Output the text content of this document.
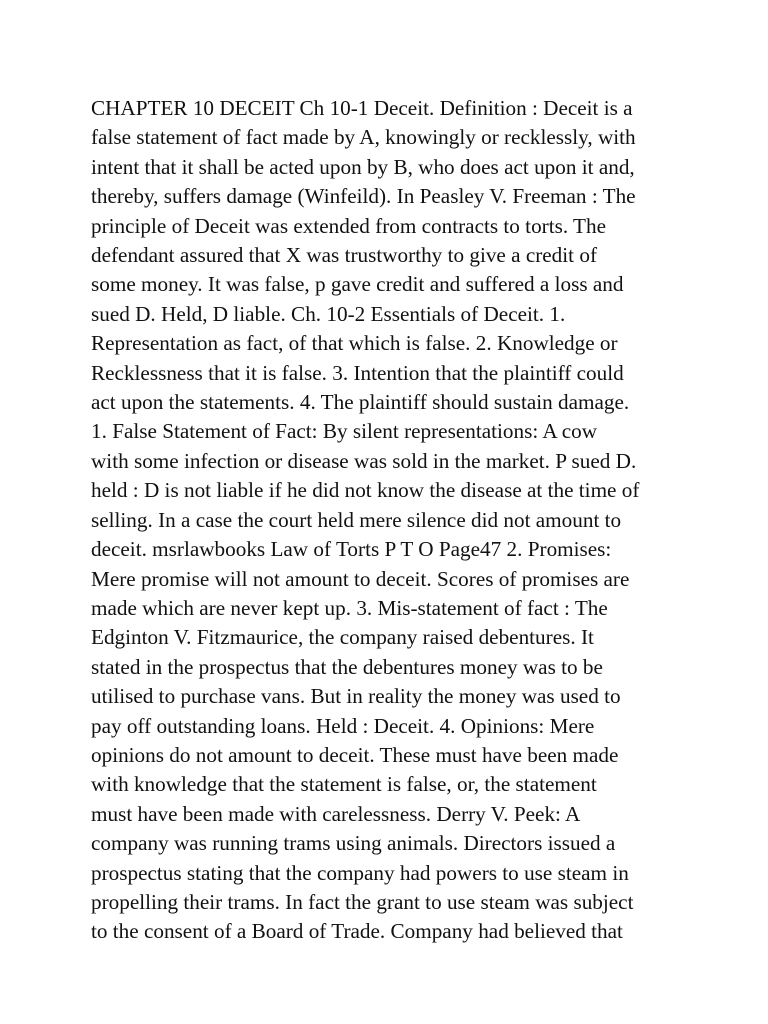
CHAPTER 10 DECEIT Ch 10-1 Deceit. Definition : Deceit is a
false statement of fact made by A, knowingly or recklessly, with
intent that it shall be acted upon by B, who does act upon it and,
thereby, suffers damage (Winfeild). In Peasley V. Freeman : The
principle of Deceit was extended from contracts to torts. The
defendant assured that X was trustworthy to give a credit of
some money. It was false, p gave credit and suffered a loss and
sued D. Held, D liable. Ch. 10-2 Essentials of Deceit. 1.
Representation as fact, of that which is false. 2. Knowledge or
Recklessness that it is false. 3. Intention that the plaintiff could
act upon the statements. 4. The plaintiff should sustain damage.
1. False Statement of Fact: By silent representations: A cow
with some infection or disease was sold in the market. P sued D.
held : D is not liable if he did not know the disease at the time of
selling. In a case the court held mere silence did not amount to
deceit. msrlawbooks Law of Torts P T O Page47 2. Promises:
Mere promise will not amount to deceit. Scores of promises are
made which are never kept up. 3. Mis-statement of fact : The
Edginton V. Fitzmaurice, the company raised debentures. It
stated in the prospectus that the debentures money was to be
utilised to purchase vans. But in reality the money was used to
pay off outstanding loans. Held : Deceit. 4. Opinions: Mere
opinions do not amount to deceit. These must have been made
with knowledge that the statement is false, or, the statement
must have been made with carelessness. Derry V. Peek: A
company was running trams using animals. Directors issued a
prospectus stating that the company had powers to use steam in
propelling their trams. In fact the grant to use steam was subject
to the consent of a Board of Trade. Company had believed that
